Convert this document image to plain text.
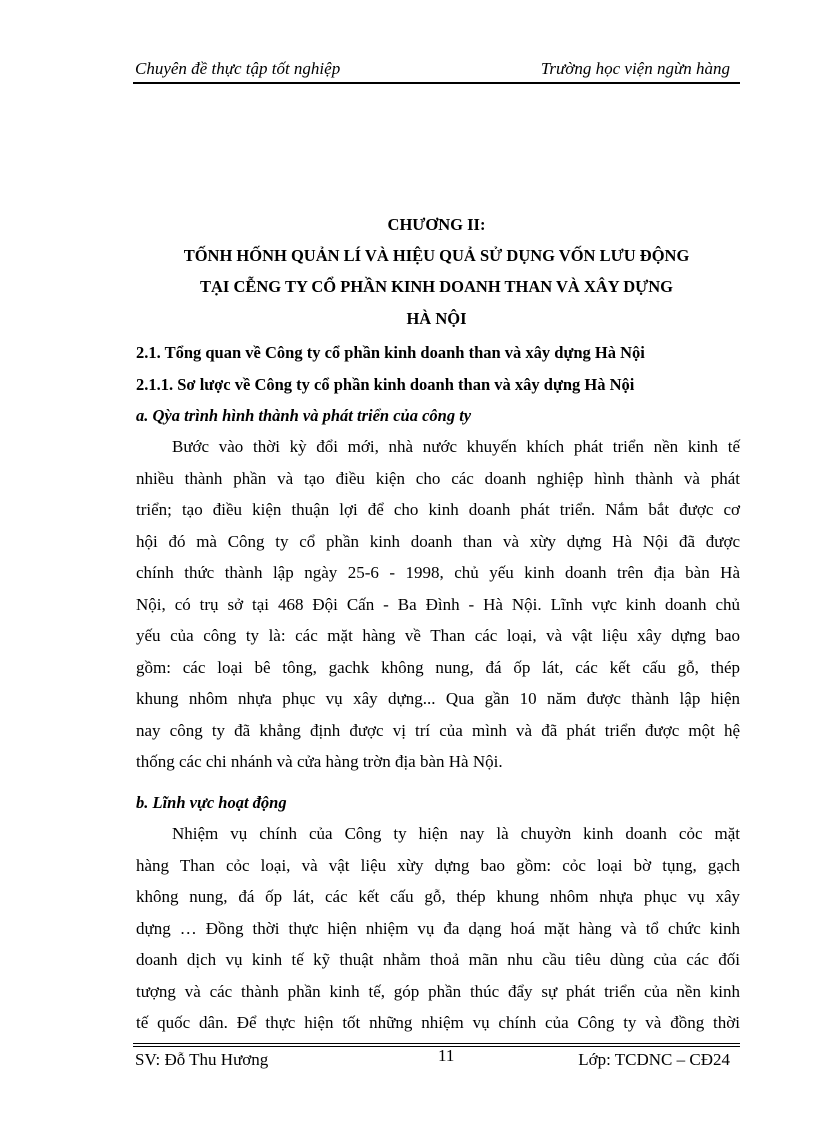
Chuyên đề thực tập tốt nghiệp	Trường học viện ngừn hàng
CHƯƠNG II:
TỐNH HỐNH QUẢN LÍ VÀ HIỆU QUẢ SỬ DỤNG VỐN LƯU ĐỘNG
TẠI CỄNG TY CỔ PHẦN KINH DOANH THAN VÀ XÂY DỰNG
HÀ NỘI
2.1. Tổng quan về Công ty cổ phần kinh doanh than và xây dựng Hà Nội
2.1.1. Sơ lược về Công ty cổ phần kinh doanh than và xây dựng Hà Nội
a. Qỳa trình hình thành và phát triển của công ty
Bước vào thời kỳ đổi mới, nhà nước khuyến khích phát triển nền kinh tế
nhiều thành phần và tạo điều kiện cho các doanh nghiệp hình thành và phát
triển; tạo điều kiện thuận lợi để cho kinh doanh phát triển. Nắm bắt được cơ
hội đó mà Công ty cổ phần kinh doanh than và xừy dựng Hà Nội đã được
chính thức thành lập ngày 25-6 - 1998, chủ yếu kinh doanh trên địa bàn Hà
Nội, có trụ sở tại 468 Đội Cấn - Ba Đình - Hà Nội. Lĩnh vực kinh doanh chủ
yếu của công ty là: các mặt hàng về Than các loại, và vật liệu xây dựng bao
gồm: các loại bê tông, gachk không nung, đá ốp lát, các kết cấu gỗ, thép
khung nhôm nhựa phục vụ xây dựng... Qua gần 10 năm được thành lập hiện
nay công ty đã khẳng định được vị trí của mình và đã phát triển được một hệ
thống các chi nhánh và cửa hàng trờn địa bàn Hà Nội.
b. Lĩnh vực hoạt động
Nhiệm vụ chính của Công ty hiện nay là chuyờn kinh doanh cỏc mặt
hàng Than cỏc loại, và vật liệu xừy dựng bao gồm: cỏc loại bờ tụng, gạch
không nung, đá ốp lát, các kết cấu gỗ, thép khung nhôm nhựa phục vụ xây
dựng … Đồng thời thực hiện nhiệm vụ đa dạng hoá mặt hàng và tổ chức kinh
doanh dịch vụ kinh tế kỹ thuật nhằm thoả mãn nhu cầu tiêu dùng của các đối
tượng và các thành phần kinh tế, góp phần thúc đẩy sự phát triển của nền kinh
tế quốc dân. Để thực hiện tốt những nhiệm vụ chính của Công ty và đồng thời
SV: Đỗ Thu Hương	11	Lớp: TCDNC – CĐ24
